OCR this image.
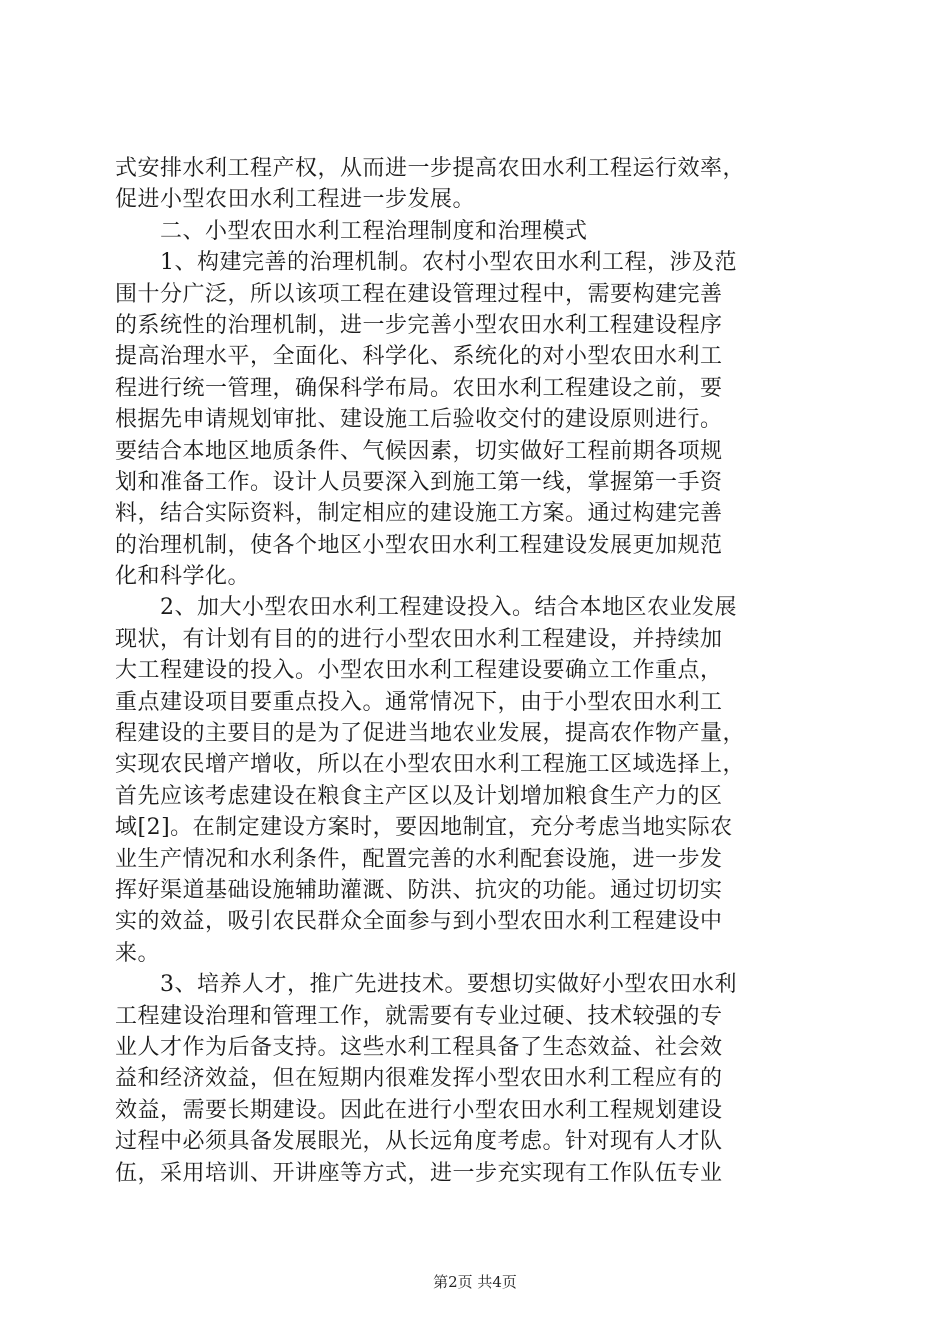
式安排水利工程产权，从而进一步提高农田水利工程运行效率，
促进小型农田水利工程进一步发展。
　　二、小型农田水利工程治理制度和治理模式
　　1、构建完善的治理机制。农村小型农田水利工程，涉及范
围十分广泛，所以该项工程在建设管理过程中，需要构建完善
的系统性的治理机制，进一步完善小型农田水利工程建设程序
提高治理水平，全面化、科学化、系统化的对小型农田水利工
程进行统一管理，确保科学布局。农田水利工程建设之前，要
根据先申请规划审批、建设施工后验收交付的建设原则进行。
要结合本地区地质条件、气候因素，切实做好工程前期各项规
划和准备工作。设计人员要深入到施工第一线，掌握第一手资
料，结合实际资料，制定相应的建设施工方案。通过构建完善
的治理机制，使各个地区小型农田水利工程建设发展更加规范
化和科学化。
　　2、加大小型农田水利工程建设投入。结合本地区农业发展
现状，有计划有目的的进行小型农田水利工程建设，并持续加
大工程建设的投入。小型农田水利工程建设要确立工作重点，
重点建设项目要重点投入。通常情况下，由于小型农田水利工
程建设的主要目的是为了促进当地农业发展，提高农作物产量，
实现农民增产增收，所以在小型农田水利工程施工区域选择上，
首先应该考虑建设在粮食主产区以及计划增加粮食生产力的区
域[2]。在制定建设方案时，要因地制宜，充分考虑当地实际农
业生产情况和水利条件，配置完善的水利配套设施，进一步发
挥好渠道基础设施辅助灌溉、防洪、抗灾的功能。通过切切实
实的效益，吸引农民群众全面参与到小型农田水利工程建设中
来。
　　3、培养人才，推广先进技术。要想切实做好小型农田水利
工程建设治理和管理工作，就需要有专业过硬、技术较强的专
业人才作为后备支持。这些水利工程具备了生态效益、社会效
益和经济效益，但在短期内很难发挥小型农田水利工程应有的
效益，需要长期建设。因此在进行小型农田水利工程规划建设
过程中必须具备发展眼光，从长远角度考虑。针对现有人才队
伍，采用培训、开讲座等方式，进一步充实现有工作队伍专业
第2页 共4页
